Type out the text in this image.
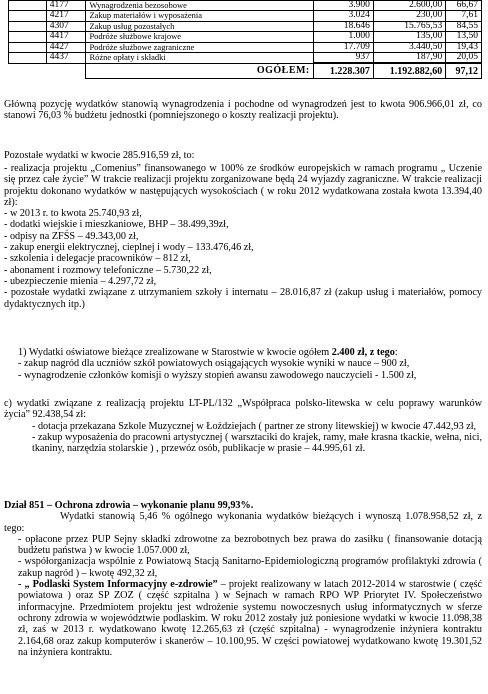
	4177	Wynagrodzenia bezosobowe	3.900	2.600,00	66,67
	4217	Zakup materiałów i wyposażenia	3.024	230,00	7,61
	4307	Zakup usług pozostałych	18.646	15.765,53	84,55
	4417	Podróże służbowe krajowe	1.000	135,00	13,50
	4427	Podróże służbowe zagraniczne	17.709	3.440,50	19,43
	4437	Różne opłaty i składki	937	187,90	20,05
		OGÓŁEM:	1.228.307	1.192.882,60	97,12

Główną pozycję wydatków stanowią wynagrodzenia i pochodne od wynagrodzeń jest to kwota 906.966,01 zł, co stanowi 76,03 % budżetu jednostki (pomniejszonego o koszty realizacji projektu).

Pozostałe wydatki w kwocie 285.916,59 zł, to:

- realizacja projektu „Comenius” finansowanego w 100% ze środków europejskich w ramach programu „ Uczenie się przez całe życie” W trakcie realizacji projektu zorganizowane będą 24 wyjazdy zagraniczne. W trakcie realizacji projektu dokonano wydatków w następujących wysokościach ( w roku 2012 wydatkowana została kwota 13.394,40 zł):
- w 2013 r. to kwota 25.740,93 zł,
- dodatki wiejskie i mieszkaniowe, BHP – 38.499,39zł,
- odpisy na ZFŚS – 49.343,00 zł,
- zakup energii elektrycznej, cieplnej i wody – 133.476,46 zł,
- szkolenia i delegacje pracowników – 812 zł,
- abonament i rozmowy telefoniczne – 5.730,22 zł,
- ubezpieczenie mienia – 4.297,72 zł,
- pozostałe wydatki związane z utrzymaniem szkoły i internatu – 28.016,87 zł (zakup usług i materiałów, pomocy dydaktycznych itp.)
1) Wydatki oświatowe bieżące zrealizowane w Starostwie w kwocie ogółem 2.400 zł, z tego:
- zakup nagród dla uczniów szkół powiatowych osiągających wysokie wyniki w nauce – 900 zł,
- wynagrodzenie członków komisji o wyższy stopień awansu zawodowego nauczycieli - 1.500 zł,
c) wydatki związane z realizacją projektu LT-PL/132 „Współpraca polsko-litewska w celu poprawy warunków życia” 92.438,54 zł:
- dotacja przekazana Szkole Muzycznej w Łoździejach ( partner ze strony litewskiej) w kwocie 47.442,93 zł,
- zakup wyposażenia do pracowni artystycznej ( warsztaciki do krajek, ramy, małe krasna tkackie, wełna, nici, tkaniny, narzędzia stolarskie ) , przewóz osób, publikacje w prasie – 44.995,61 zł.
Dział 851 – Ochrona zdrowia – wykonanie planu 99,93%.
Wydatki stanowią 5,46 % ogólnego wykonania wydatków bieżących i wynoszą 1.078.958,52 zł, z tego:
- opłacone przez PUP Sejny składki zdrowotne za bezrobotnych bez prawa do zasiłku ( finansowanie dotacją budżetu państwa ) w kwocie 1.057.000 zł,
- współorganizacja wspólnie z Powiatową Stacją Sanitarno-Epidemiologiczną programów profilaktyki zdrowia ( zakup nagród ) – kwotę 492,32 zł,
- „ Podlaski System Informacyjny e-zdrowie” – projekt realizowany w latach 2012-2014 w starostwie ( część powiatowa ) oraz SP ZOZ ( część szpitalna ) w Sejnach w ramach RPO WP Priorytet IV. Społeczeństwo informacyjne. Przedmiotem projektu jest wdrożenie systemu nowoczesnych usług informatycznych w sferze ochrony zdrowia w województwie podlaskim. W roku 2012 zostały już poniesione wydatki w kwocie 11.098,38 zł, zaś w 2013 r. wydatkowano kwotę 12.265,63 zł (część szpitalna) - wynagrodzenie inżyniera kontraktu 2.164,68 oraz zakup komputerów i skanerów – 10.100,95. W części powiatowej wydatkowano kwotę 19.301,52 na inżyniera kontraktu.
